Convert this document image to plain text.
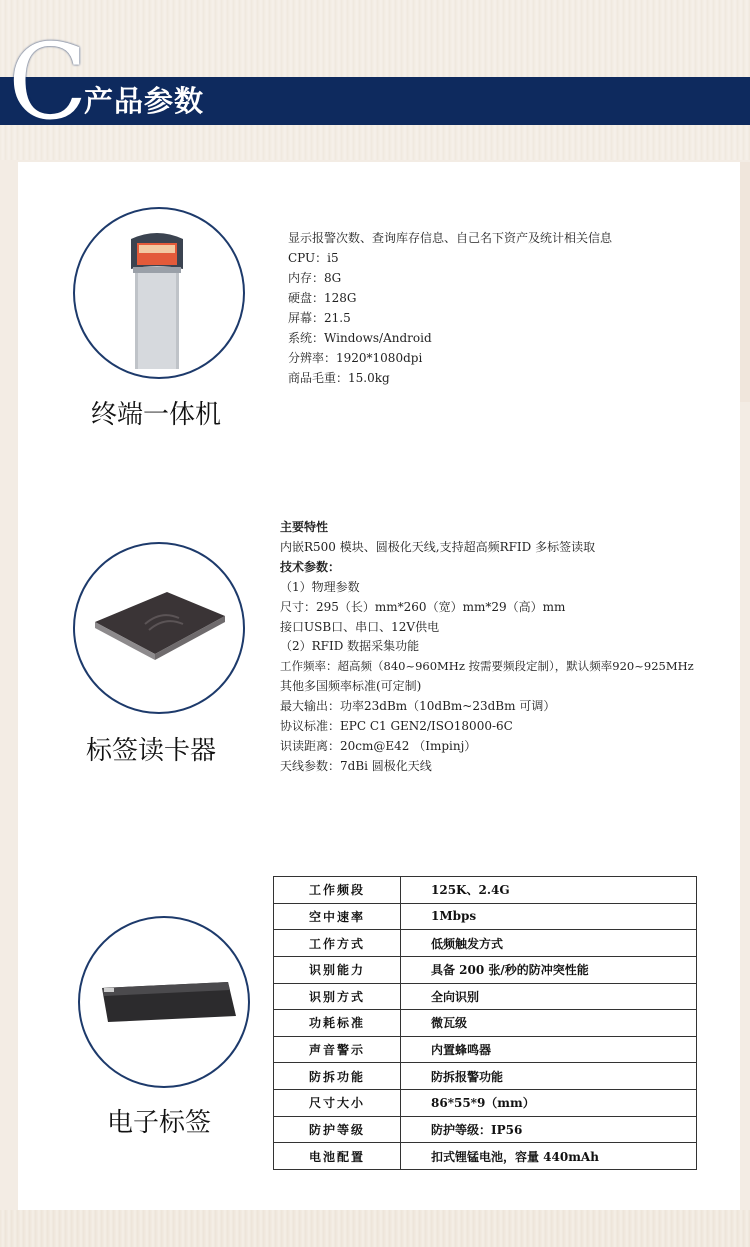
C
产品参数
终端一体机
显示报警次数、查询库存信息、自己名下资产及统计相关信息
CPU：i5
内存：8G
硬盘：128G
屏幕：21.5
系统：Windows/Android
分辨率：1920*1080dpi
商品毛重：15.0kg
标签读卡器
主要特性
内嵌R500 模块、圆极化天线,支持超高频RFID 多标签读取
技术参数：
（1）物理参数
尺寸：295（长）mm*260（宽）mm*29（高）mm
接口USB口、串口、12V供电
（2）RFID 数据采集功能
工作频率：超高频（840~960MHz 按需要频段定制），默认频率920~925MHz
其他多国频率标准(可定制)
最大输出：功率23dBm（10dBm~23dBm 可调）
协议标准：EPC C1 GEN2/ISO18000-6C
识读距离：20cm@E42 （Impinj）
天线参数：7dBi 圆极化天线
电子标签
工作频段	125K、2.4G
空中速率	1Mbps
工作方式	低频触发方式
识别能力	具备 200 张/秒的防冲突性能
识别方式	全向识别
功耗标准	微瓦级
声音警示	内置蜂鸣器
防拆功能	防拆报警功能
尺寸大小	86*55*9（mm）
防护等级	防护等级：IP56
电池配置	扣式锂锰电池，容量 440mAh
